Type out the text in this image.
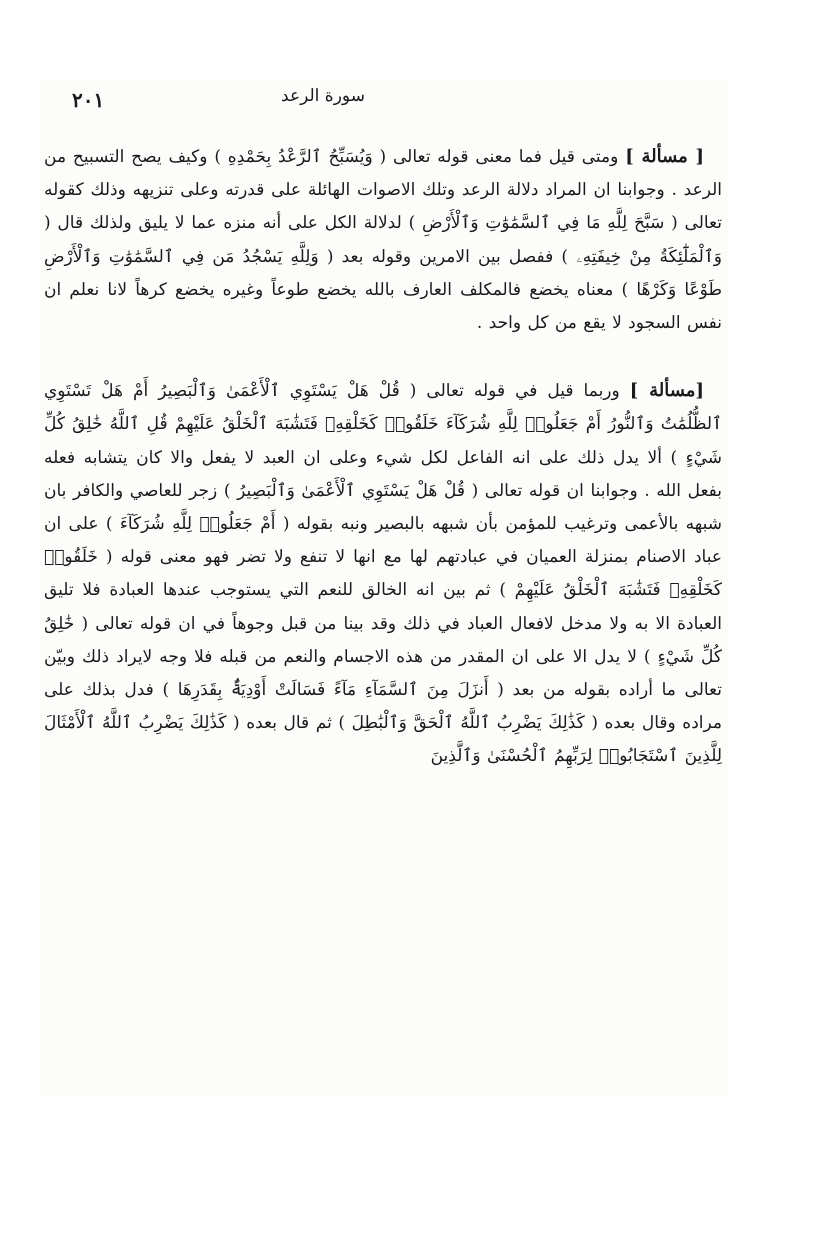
سورة الرعد
٢٠١

[ مسألة ] ومتى قيل فما معنى قوله تعالى ( وَيُسَبِّحُ ٱلرَّعْدُ بِحَمْدِهِ ) وكيف يصح التسبيح من الرعد . وجوابنا ان المراد دلالة الرعد وتلك الاصوات الهائلة على قدرته وعلى تنزيهه وذلك كقوله تعالى ( سَبَّحَ لِلَّهِ مَا فِي ٱلسَّمَٰوَٰتِ وَٱلْأَرْضِ ) لدلالة الكل على أنه منزه عما لا يليق ولذلك قال ( وَٱلْمَلَٰٓئِكَةُ مِنْ خِيفَتِهِۦ ) ففصل بين الامرين وقوله بعد ( وَلِلَّهِ يَسْجُدُ مَن فِي ٱلسَّمَٰوَٰتِ وَٱلْأَرْضِ طَوْعًا وَكَرْهًا ) معناه يخضع فالمكلف العارف بالله يخضع طوعاً وغيره يخضع كرهاً لانا نعلم ان نفس السجود لا يقع من كل واحد .

[مسألة ] وربما قيل في قوله تعالى ( قُلْ هَلْ يَسْتَوِي ٱلْأَعْمَىٰ وَٱلْبَصِيرُ أَمْ هَلْ تَسْتَوِي ٱلظُّلُمَٰتُ وَٱلنُّورُ أَمْ جَعَلُوا۟ لِلَّهِ شُرَكَآءَ خَلَقُوا۟ كَخَلْقِهِۦ فَتَشَٰبَهَ ٱلْخَلْقُ عَلَيْهِمْ قُلِ ٱللَّهُ خَٰلِقُ كُلِّ شَيْءٍ ) ألا يدل ذلك على انه الفاعل لكل شيء وعلى ان العبد لا يفعل والا كان يتشابه فعله بفعل الله . وجوابنا ان قوله تعالى ( قُلْ هَلْ يَسْتَوِي ٱلْأَعْمَىٰ وَٱلْبَصِيرُ ) زجر للعاصي والكافر بان شبهه بالأعمى وترغيب للمؤمن بأن شبهه بالبصير ونبه بقوله ( أَمْ جَعَلُوا۟ لِلَّهِ شُرَكَآءَ ) على ان عباد الاصنام بمنزلة العميان في عبادتهم لها مع انها لا تنفع ولا تضر فهو معنى قوله ( خَلَقُوا۟ كَخَلْقِهِۦ فَتَشَٰبَهَ ٱلْخَلْقُ عَلَيْهِمْ ) ثم بين انه الخالق للنعم التي يستوجب عندها العبادة فلا تليق العبادة الا به ولا مدخل لافعال العباد في ذلك وقد بينا من قبل وجوهاً في ان قوله تعالى ( خَٰلِقُ كُلِّ شَيْءٍ ) لا يدل الا على ان المقدر من هذه الاجسام والنعم من قبله فلا وجه لايراد ذلك وبيّن تعالى ما أراده بقوله من بعد ( أَنزَلَ مِنَ ٱلسَّمَآءِ مَآءً فَسَالَتْ أَوْدِيَةٌۢ بِقَدَرِهَا ) فدل بذلك على مراده وقال بعده ( كَذَٰلِكَ يَضْرِبُ ٱللَّهُ ٱلْحَقَّ وَٱلْبَٰطِلَ ) ثم قال بعده ( كَذَٰلِكَ يَضْرِبُ ٱللَّهُ ٱلْأَمْثَالَ لِلَّذِينَ ٱسْتَجَابُوا۟ لِرَبِّهِمُ ٱلْحُسْنَىٰ وَٱلَّذِينَ
